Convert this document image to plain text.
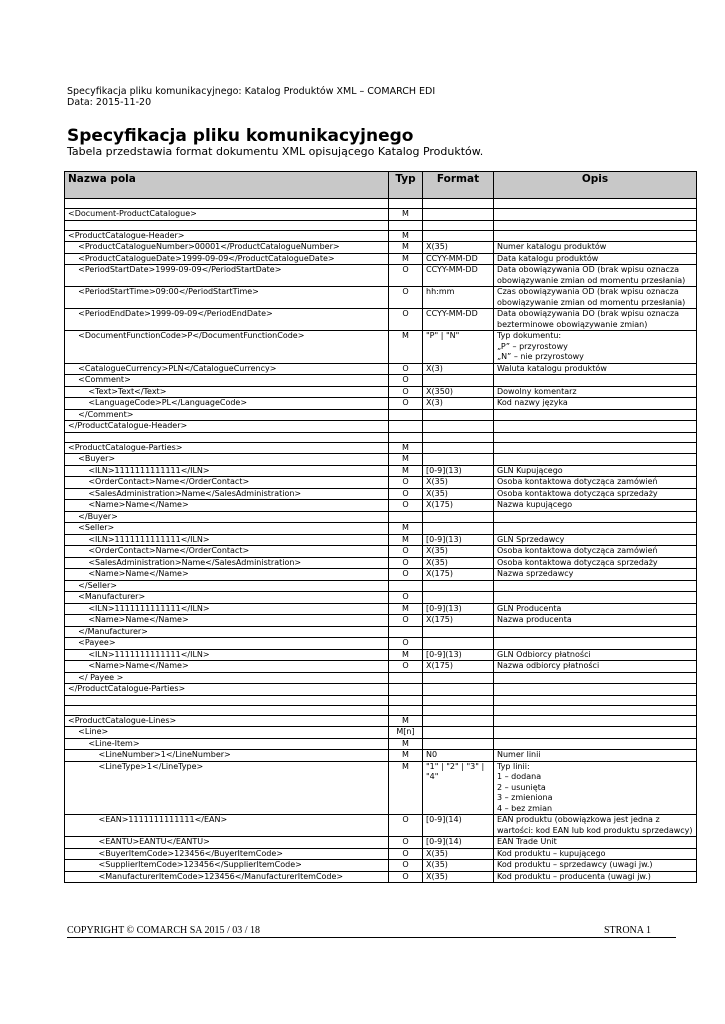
Specyfikacja pliku komunikacyjnego: Katalog Produktów XML – COMARCH EDI
Data: 2015-11-20
Specyfikacja pliku komunikacyjnego
Tabela przedstawia format dokumentu XML opisującego Katalog Produktów.
Nazwa pola	Typ	Format	Opis

<Document-ProductCatalogue>	M		

<ProductCatalogue-Header>	M		
<ProductCatalogueNumber>00001</ProductCatalogueNumber>	M	X(35)	Numer katalogu produktów
<ProductCatalogueDate>1999-09-09</ProductCatalogueDate>	M	CCYY-MM-DD	Data katalogu produktów
<PeriodStartDate>1999-09-09</PeriodStartDate>	O	CCYY-MM-DD	Data obowiązywania OD (brak wpisu oznacza obowiązywanie zmian od momentu przesłania)
<PeriodStartTime>09:00</PeriodStartTime>	O	hh:mm	Czas obowiązywania OD (brak wpisu oznacza obowiązywanie zmian od momentu przesłania)
<PeriodEndDate>1999-09-09</PeriodEndDate>	O	CCYY-MM-DD	Data obowiązywania DO (brak wpisu oznacza bezterminowe obowiązywanie zmian)
<DocumentFunctionCode>P</DocumentFunctionCode>	M	"P" | "N"	Typ dokumentu:
„P” – przyrostowy
„N” – nie przyrostowy
<CatalogueCurrency>PLN</CatalogueCurrency>	O	X(3)	Waluta katalogu produktów
<Comment>	O		
<Text>Text</Text>	O	X(350)	Dowolny komentarz
<LanguageCode>PL</LanguageCode>	O	X(3)	Kod nazwy języka
</Comment>			
</ProductCatalogue-Header>			

<ProductCatalogue-Parties>	M		
<Buyer>	M		
<ILN>1111111111111</ILN>	M	[0-9](13)	GLN Kupującego
<OrderContact>Name</OrderContact>	O	X(35)	Osoba kontaktowa dotycząca zamówień
<SalesAdministration>Name</SalesAdministration>	O	X(35)	Osoba kontaktowa dotycząca sprzedaży
<Name>Name</Name>	O	X(175)	Nazwa kupującego
</Buyer>			
<Seller>	M		
<ILN>1111111111111</ILN>	M	[0-9](13)	GLN Sprzedawcy
<OrderContact>Name</OrderContact>	O	X(35)	Osoba kontaktowa dotycząca zamówień
<SalesAdministration>Name</SalesAdministration>	O	X(35)	Osoba kontaktowa dotycząca sprzedaży
<Name>Name</Name>	O	X(175)	Nazwa sprzedawcy
</Seller>			
<Manufacturer>	O		
<ILN>1111111111111</ILN>	M	[0-9](13)	GLN Producenta
<Name>Name</Name>	O	X(175)	Nazwa producenta
</Manufacturer>			
<Payee>	O		
<ILN>1111111111111</ILN>	M	[0-9](13)	GLN Odbiorcy płatności
<Name>Name</Name>	O	X(175)	Nazwa odbiorcy płatności
</ Payee >			
</ProductCatalogue-Parties>			

<ProductCatalogue-Lines>	M		
<Line>	M[n]		
<Line-Item>	M		
<LineNumber>1</LineNumber>	M	N0	Numer linii
<LineType>1</LineType>	M	"1" | "2" | "3" | "4"	Typ linii:
1 – dodana
2 – usunięta
3 – zmieniona
4 – bez zmian
<EAN>1111111111111</EAN>	O	[0-9](14)	EAN produktu (obowiązkowa jest jedna z wartości: kod EAN lub kod produktu sprzedawcy)
<EANTU>EANTU</EANTU>	O	[0-9](14)	EAN Trade Unit
<BuyerItemCode>123456</BuyerItemCode>	O	X(35)	Kod produktu – kupującego
<SupplierItemCode>123456</SupplierItemCode>	O	X(35)	Kod produktu – sprzedawcy (uwagi jw.)
<ManufacturerItemCode>123456</ManufacturerItemCode>	O	X(35)	Kod produktu – producenta (uwagi jw.)
COPYRIGHT © COMARCH SA 2015 / 03 / 18	STRONA 1
